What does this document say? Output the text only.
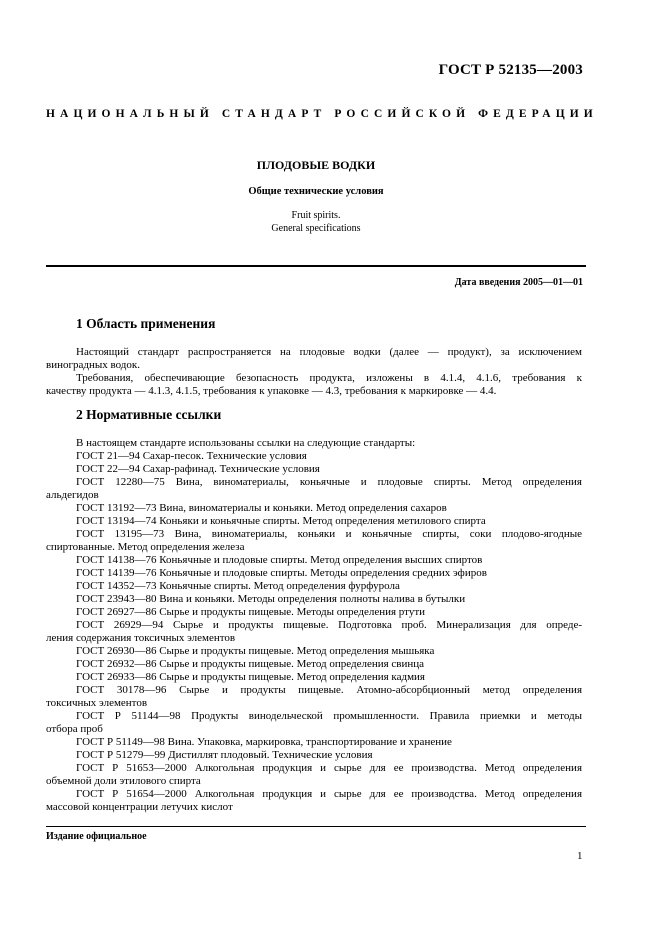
ГОСТ Р 52135—2003
НАЦИОНАЛЬНЫЙ СТАНДАРТ РОССИЙСКОЙ ФЕДЕРАЦИИ
ПЛОДОВЫЕ ВОДКИ
Общие технические условия
Fruit spirits.
General specifications
Дата введения 2005—01—01
1 Область применения
Настоящий стандарт распространяется на плодовые водки (далее — продукт), за исключением
виноградных водок.
Требования, обеспечивающие безопасность продукта, изложены в 4.1.4, 4.1.6, требования к
качеству продукта — 4.1.3, 4.1.5, требования к упаковке — 4.3, требования к маркировке — 4.4.
2 Нормативные ссылки
В настоящем стандарте использованы ссылки на следующие стандарты:
ГОСТ 21—94 Сахар-песок. Технические условия
ГОСТ 22—94 Сахар-рафинад. Технические условия
ГОСТ 12280—75 Вина, виноматериалы, коньячные и плодовые спирты. Метод определения
альдегидов
ГОСТ 13192—73 Вина, виноматериалы и коньяки. Метод определения сахаров
ГОСТ 13194—74 Коньяки и коньячные спирты. Метод определения метилового спирта
ГОСТ 13195—73 Вина, виноматериалы, коньяки и коньячные спирты, соки плодово-ягодные
спиртованные. Метод определения железа
ГОСТ 14138—76 Коньячные и плодовые спирты. Метод определения высших спиртов
ГОСТ 14139—76 Коньячные и плодовые спирты. Методы определения средних эфиров
ГОСТ 14352—73 Коньячные спирты. Метод определения фурфурола
ГОСТ 23943—80 Вина и коньяки. Методы определения полноты налива в бутылки
ГОСТ 26927—86 Сырье и продукты пищевые. Методы определения ртути
ГОСТ 26929—94 Сырье и продукты пищевые. Подготовка проб. Минерализация для опреде-
ления содержания токсичных элементов
ГОСТ 26930—86 Сырье и продукты пищевые. Метод определения мышьяка
ГОСТ 26932—86 Сырье и продукты пищевые. Метод определения свинца
ГОСТ 26933—86 Сырье и продукты пищевые. Метод определения кадмия
ГОСТ 30178—96 Сырье и продукты пищевые. Атомно-абсорбционный метод определения
токсичных элементов
ГОСТ Р 51144—98 Продукты винодельческой промышленности. Правила приемки и методы
отбора проб
ГОСТ Р 51149—98 Вина. Упаковка, маркировка, транспортирование и хранение
ГОСТ Р 51279—99 Дистиллят плодовый. Технические условия
ГОСТ Р 51653—2000 Алкогольная продукция и сырье для ее производства. Метод определения
объемной доли этилового спирта
ГОСТ Р 51654—2000 Алкогольная продукция и сырье для ее производства. Метод определения
массовой концентрации летучих кислот
Издание официальное
1
